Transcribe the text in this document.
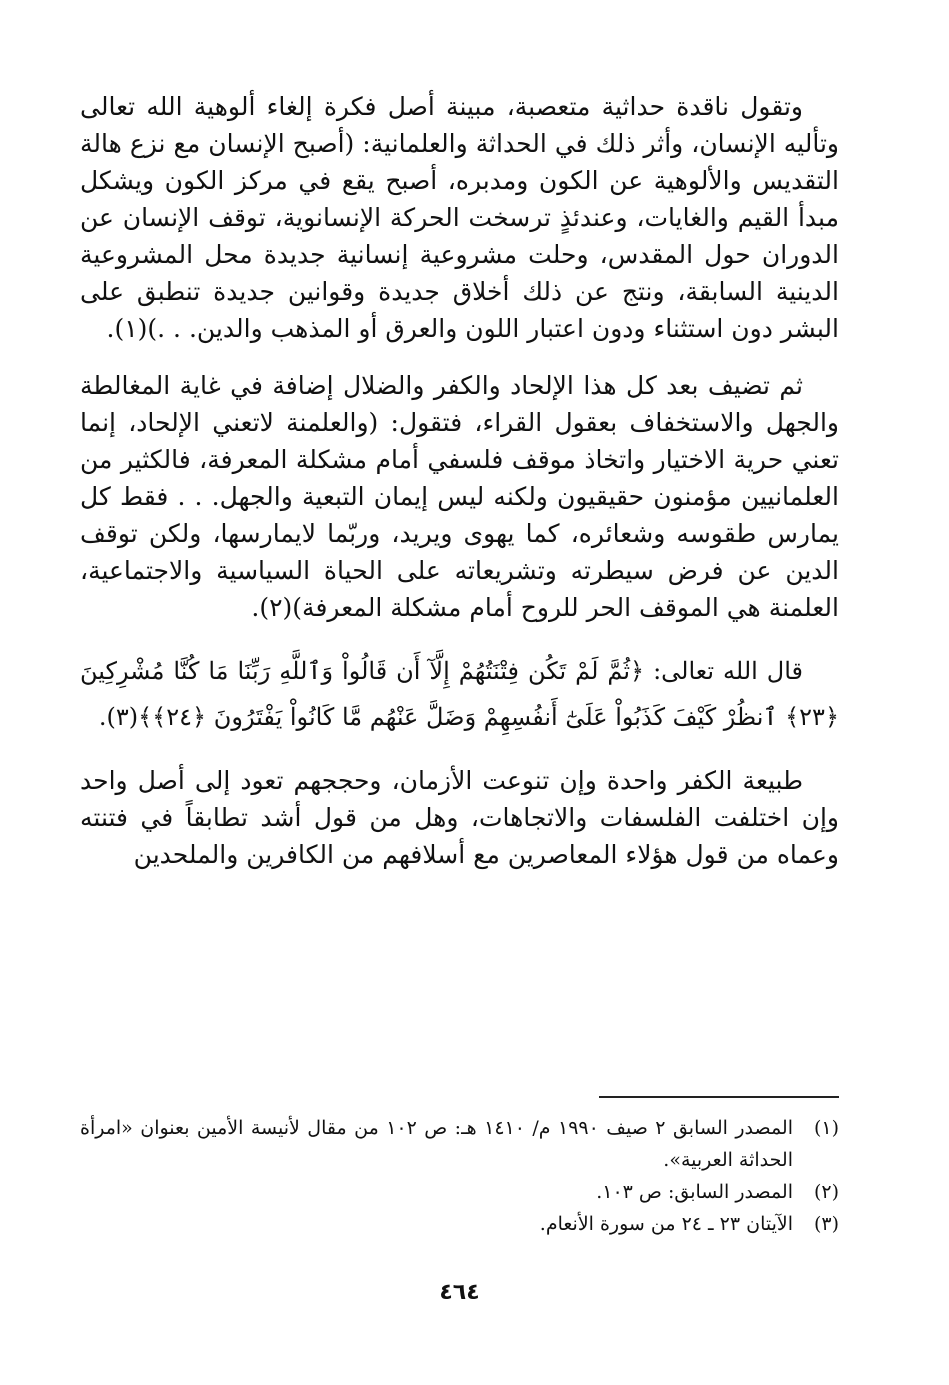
وتقول ناقدة حداثية متعصبة، مبينة أصل فكرة إلغاء ألوهية الله تعالى وتأليه الإنسان، وأثر ذلك في الحداثة والعلمانية: (أصبح الإنسان مع نزع هالة التقديس والألوهية عن الكون ومدبره، أصبح يقع في مركز الكون ويشكل مبدأ القيم والغايات، وعندئذٍ ترسخت الحركة الإنسانوية، توقف الإنسان عن الدوران حول المقدس، وحلت مشروعية إنسانية جديدة محل المشروعية الدينية السابقة، ونتج عن ذلك أخلاق جديدة وقوانين جديدة تنطبق على البشر دون استثناء ودون اعتبار اللون والعرق أو المذهب والدين. . .)(١).

ثم تضيف بعد كل هذا الإلحاد والكفر والضلال إضافة في غاية المغالطة والجهل والاستخفاف بعقول القراء، فتقول: (والعلمنة لاتعني الإلحاد، إنما تعني حرية الاختيار واتخاذ موقف فلسفي أمام مشكلة المعرفة، فالكثير من العلمانيين مؤمنون حقيقيون ولكنه ليس إيمان التبعية والجهل. . . فقط كل يمارس طقوسه وشعائره، كما يهوى ويريد، وربّما لايمارسها، ولكن توقف الدين عن فرض سيطرته وتشريعاته على الحياة السياسية والاجتماعية، العلمنة هي الموقف الحر للروح أمام مشكلة المعرفة)(٢).

قال الله تعالى: ﴿ثُمَّ لَمْ تَكُن فِتْنَتُهُمْ إِلَّآ أَن قَالُواْ وَٱللَّهِ رَبِّنَا مَا كُنَّا مُشْرِكِينَ ﴿٢٣﴾ ٱنظُرْ كَيْفَ كَذَبُواْ عَلَىٰٓ أَنفُسِهِمْ وَضَلَّ عَنْهُم مَّا كَانُواْ يَفْتَرُونَ ﴿٢٤﴾﴾(٣).

طبيعة الكفر واحدة وإن تنوعت الأزمان، وحججهم تعود إلى أصل واحد وإن اختلفت الفلسفات والاتجاهات، وهل من قول أشد تطابقاً في فتنته وعماه من قول هؤلاء المعاصرين مع أسلافهم من الكافرين والملحدين

(١)
المصدر السابق ٢ صيف ١٩٩٠ م/ ١٤١٠ هـ: ص ١٠٢ من مقال لأنيسة الأمين بعنوان «امرأة الحداثة العربية».

(٢)
المصدر السابق: ص ١٠٣.

(٣)
الآيتان ٢٣ ـ ٢٤ من سورة الأنعام.

٤٦٤
